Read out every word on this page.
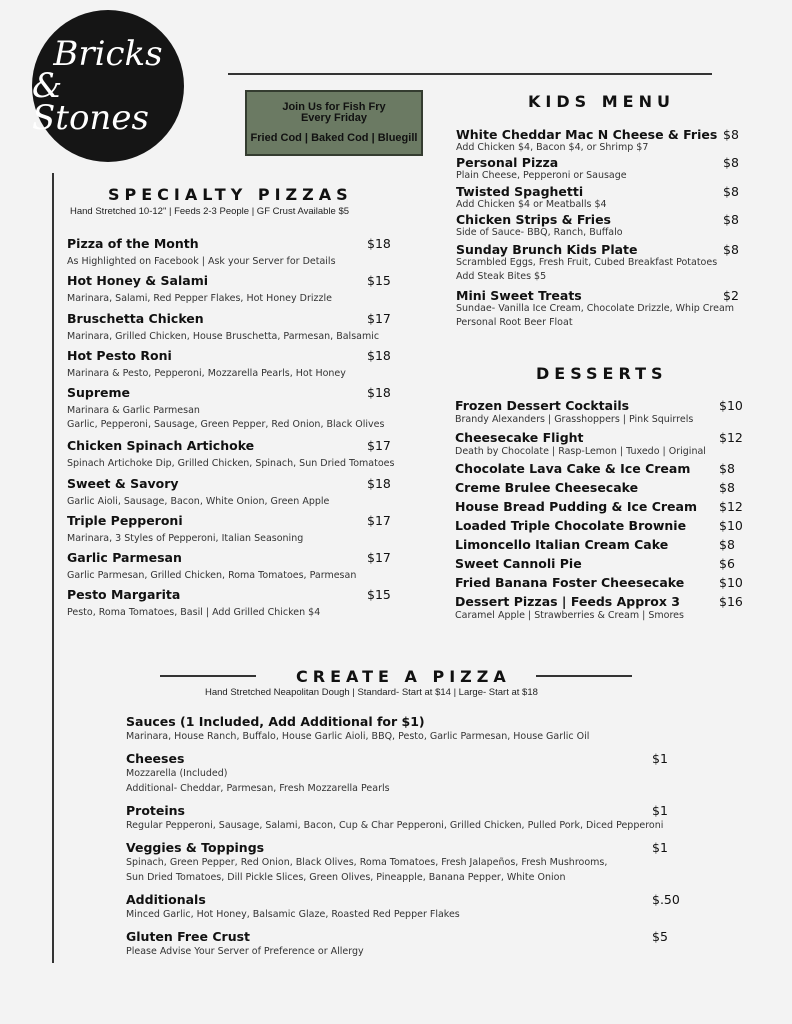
Bricks
& Stones	Join Us for Fish Fry
Every Friday
Fried Cod | Baked Cod | Bluegill
SPECIALTY PIZZAS
Hand Stretched 10-12" | Feeds 2-3 People | GF Crust Available $5
KIDS MENU
DESSERTS
CREATE A PIZZA
Hand Stretched Neapolitan Dough | Standard- Start at $14 | Large- Start at $18
Pizza of the Month	$18
As Highlighted on Facebook | Ask your Server for Details
Hot Honey & Salami	$15
Marinara, Salami, Red Pepper Flakes, Hot Honey Drizzle
Bruschetta Chicken	$17
Marinara, Grilled Chicken, House Bruschetta, Parmesan, Balsamic
Hot Pesto Roni	$18
Marinara & Pesto, Pepperoni, Mozzarella Pearls, Hot Honey
Supreme	$18
Marinara & Garlic Parmesan
Garlic, Pepperoni, Sausage, Green Pepper, Red Onion, Black Olives
Chicken Spinach Artichoke	$17
Spinach Artichoke Dip, Grilled Chicken, Spinach, Sun Dried Tomatoes
Sweet & Savory	$18
Garlic Aioli, Sausage, Bacon, White Onion, Green Apple
Triple Pepperoni	$17
Marinara, 3 Styles of Pepperoni, Italian Seasoning
Garlic Parmesan	$17
Garlic Parmesan, Grilled Chicken, Roma Tomatoes, Parmesan
Pesto Margarita	$15
Pesto, Roma Tomatoes, Basil | Add Grilled Chicken $4
White Cheddar Mac N Cheese & Fries $8
Add Chicken $4, Bacon $4, or Shrimp $7
Personal Pizza	$8
Plain Cheese, Pepperoni or Sausage
Twisted Spaghetti	$8
Add Chicken $4 or Meatballs $4
Chicken Strips & Fries	$8
Side of Sauce- BBQ, Ranch, Buffalo
Sunday Brunch Kids Plate	$8
Scrambled Eggs, Fresh Fruit, Cubed Breakfast Potatoes
Add Steak Bites $5
Mini Sweet Treats	$2
Sundae- Vanilla Ice Cream, Chocolate Drizzle, Whip Cream
Personal Root Beer Float
Frozen Dessert Cocktails	$10
Brandy Alexanders | Grasshoppers | Pink Squirrels
Cheesecake Flight	$12
Death by Chocolate | Rasp-Lemon | Tuxedo | Original
Chocolate Lava Cake & Ice Cream $8
Creme Brulee Cheesecake	$8
House Bread Pudding & Ice Cream $12
Loaded Triple Chocolate Brownie	$10
Limoncello Italian Cream Cake	$8
Sweet Cannoli Pie	$6
Fried Banana Foster Cheesecake	$10
Dessert Pizzas | Feeds Approx 3	$16
Caramel Apple | Strawberries & Cream | Smores
Sauces (1 Included, Add Additional for $1)
Marinara, House Ranch, Buffalo, House Garlic Aioli, BBQ, Pesto, Garlic Parmesan, House Garlic Oil
Cheeses	$1
Mozzarella (Included)
Additional- Cheddar, Parmesan, Fresh Mozzarella Pearls
Proteins	$1
Regular Pepperoni, Sausage, Salami, Bacon, Cup & Char Pepperoni, Grilled Chicken, Pulled Pork, Diced Pepperoni
Veggies & Toppings	$1
Spinach, Green Pepper, Red Onion, Black Olives, Roma Tomatoes, Fresh Jalapeños, Fresh Mushrooms,
Sun Dried Tomatoes, Dill Pickle Slices, Green Olives, Pineapple, Banana Pepper, White Onion
Additionals	$.50
Minced Garlic, Hot Honey, Balsamic Glaze, Roasted Red Pepper Flakes
Gluten Free Crust	$5
Please Advise Your Server of Preference or Allergy
